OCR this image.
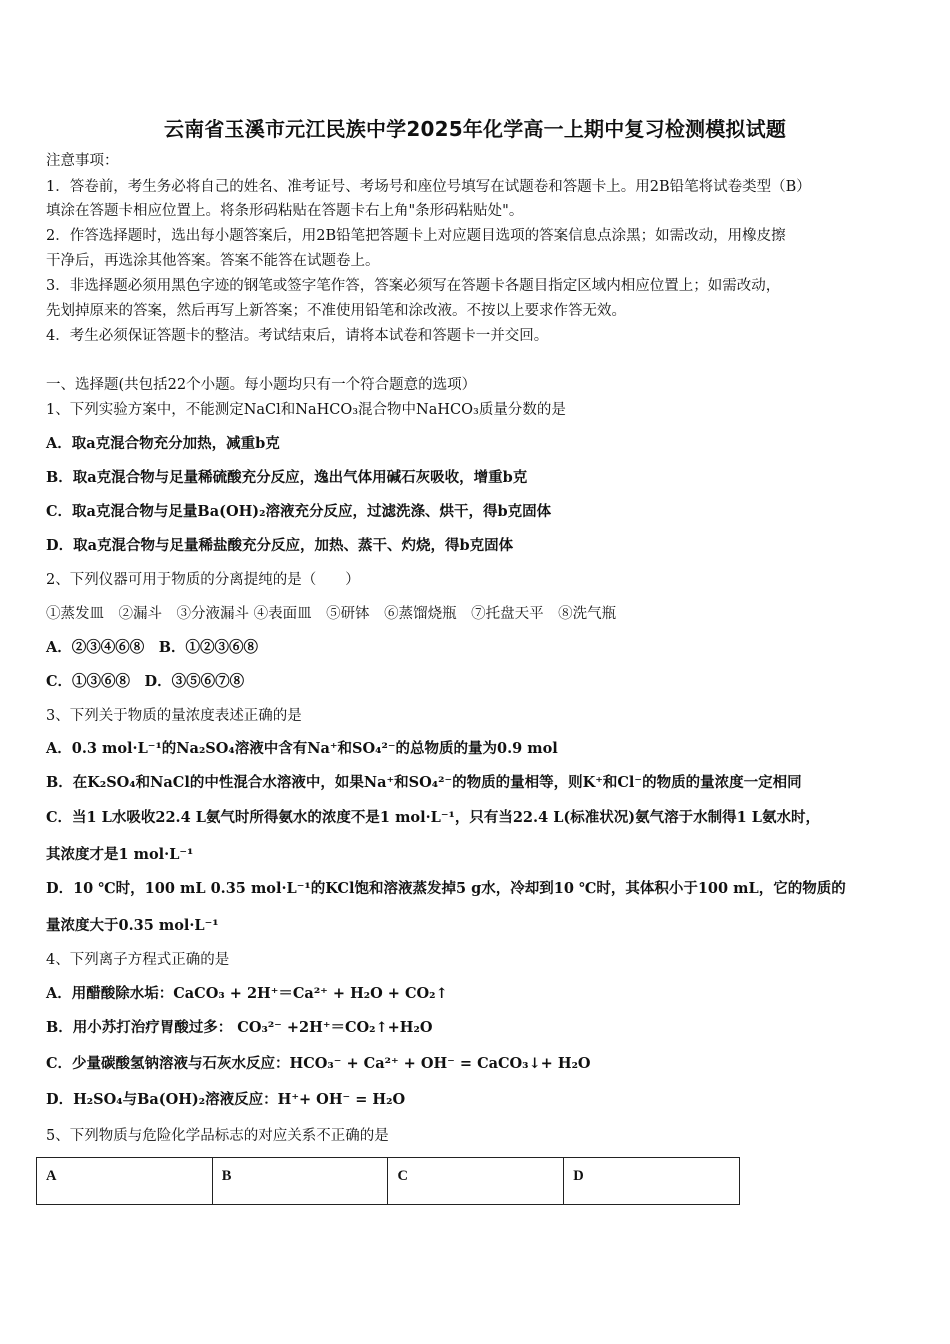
云南省玉溪市元江民族中学2025年化学高一上期中复习检测模拟试题
注意事项：
1．答卷前，考生务必将自己的姓名、准考证号、考场号和座位号填写在试题卷和答题卡上。用2B铅笔将试卷类型（B）
填涂在答题卡相应位置上。将条形码粘贴在答题卡右上角"条形码粘贴处"。
2．作答选择题时，选出每小题答案后，用2B铅笔把答题卡上对应题目选项的答案信息点涂黑；如需改动，用橡皮擦
干净后，再选涂其他答案。答案不能答在试题卷上。
3．非选择题必须用黑色字迹的钢笔或签字笔作答，答案必须写在答题卡各题目指定区域内相应位置上；如需改动，
先划掉原来的答案，然后再写上新答案；不准使用铅笔和涂改液。不按以上要求作答无效。
4．考生必须保证答题卡的整洁。考试结束后，请将本试卷和答题卡一并交回。
一、选择题(共包括22个小题。每小题均只有一个符合题意的选项）
1、下列实验方案中，不能测定NaCl和NaHCO₃混合物中NaHCO₃质量分数的是
A．取a克混合物充分加热，减重b克
B．取a克混合物与足量稀硫酸充分反应，逸出气体用碱石灰吸收，增重b克
C．取a克混合物与足量Ba(OH)₂溶液充分反应，过滤洗涤、烘干，得b克固体
D．取a克混合物与足量稀盐酸充分反应，加热、蒸干、灼烧，得b克固体
2、下列仪器可用于物质的分离提纯的是（　　）
①蒸发皿　②漏斗　③分液漏斗 ④表面皿　⑤研钵　⑥蒸馏烧瓶　⑦托盘天平　⑧洗气瓶
A．②③④⑥⑧　B．①②③⑥⑧
C．①③⑥⑧　D．③⑤⑥⑦⑧
3、下列关于物质的量浓度表述正确的是
A．0.3 mol·L⁻¹的Na₂SO₄溶液中含有Na⁺和SO₄²⁻的总物质的量为0.9 mol
B．在K₂SO₄和NaCl的中性混合水溶液中，如果Na⁺和SO₄²⁻的物质的量相等，则K⁺和Cl⁻的物质的量浓度一定相同
C．当1 L水吸收22.4 L氨气时所得氨水的浓度不是1 mol·L⁻¹，只有当22.4 L(标准状况)氨气溶于水制得1 L氨水时，
其浓度才是1 mol·L⁻¹
D．10 ℃时，100 mL 0.35 mol·L⁻¹的KCl饱和溶液蒸发掉5 g水，冷却到10 ℃时，其体积小于100 mL，它的物质的
量浓度大于0.35 mol·L⁻¹
4、下列离子方程式正确的是
A．用醋酸除水垢：CaCO₃ + 2H⁺＝Ca²⁺ + H₂O + CO₂↑
B．用小苏打治疗胃酸过多： CO₃²⁻ +2H⁺＝CO₂↑+H₂O
C．少量碳酸氢钠溶液与石灰水反应：HCO₃⁻ + Ca²⁺ + OH⁻ = CaCO₃↓+ H₂O
D．H₂SO₄与Ba(OH)₂溶液反应：H⁺+ OH⁻ = H₂O
5、下列物质与危险化学品标志的对应关系不正确的是
A	B	C	D
